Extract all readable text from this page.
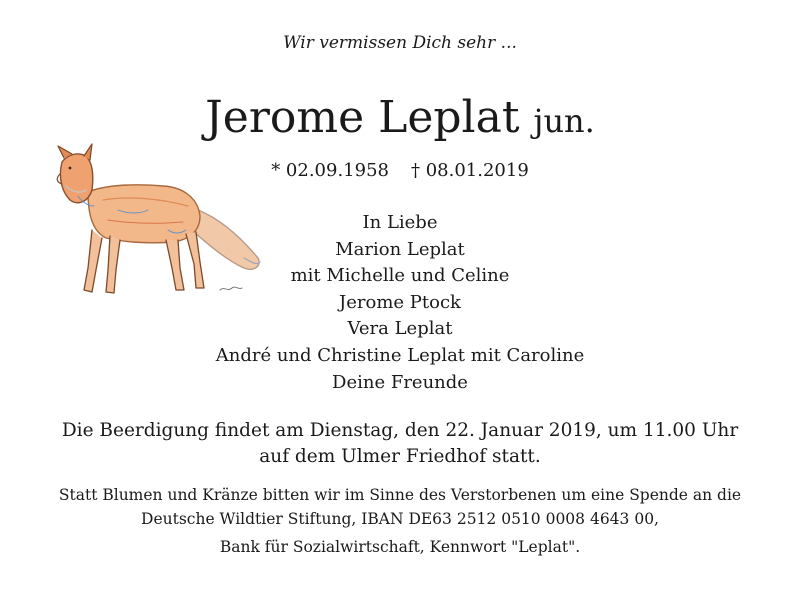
Wir vermissen Dich sehr ...
Jerome Leplat jun.
* 02.09.1958 † 08.01.2019
In Liebe
Marion Leplat
mit Michelle und Celine
Jerome Ptock
Vera Leplat
André und Christine Leplat mit Caroline
Deine Freunde
Die Beerdigung findet am Dienstag, den 22. Januar 2019, um 11.00 Uhr
auf dem Ulmer Friedhof statt.
Statt Blumen und Kränze bitten wir im Sinne des Verstorbenen um eine Spende an die
Deutsche Wildtier Stiftung, IBAN DE63 2512 0510 0008 4643 00,
Bank für Sozialwirtschaft, Kennwort "Leplat".
